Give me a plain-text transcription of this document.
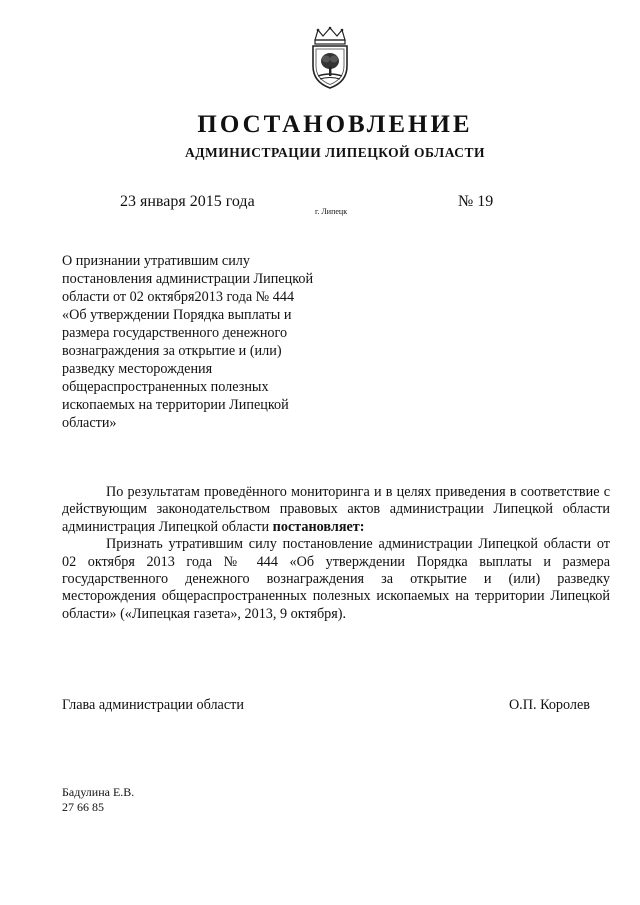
ПОСТАНОВЛЕНИЕ
АДМИНИСТРАЦИИ ЛИПЕЦКОЙ ОБЛАСТИ
23 января 2015 года
г. Липецк
№ 19
О признании утратившим силу
постановления администрации Липецкой
области от 02 октября2013 года № 444
«Об утверждении Порядка выплаты и
размера государственного денежного
вознаграждения за открытие и (или)
разведку месторождения
общераспространенных полезных
ископаемых на территории Липецкой
области»

По результатам проведённого мониторинга и в целях приведения в соответствие с действующим законодательством правовых актов администрации Липецкой области администрация Липецкой области постановляет:

Признать утратившим силу постановление администрации Липецкой области от 02 октября 2013 года № 444 «Об утверждении Порядка выплаты и размера государственного денежного вознаграждения за открытие и (или) разведку месторождения общераспространенных полезных ископаемых на территории Липецкой области» («Липецкая газета», 2013, 9 октября).

Глава администрации области	О.П. Королев
Бадулина Е.В.
27 66 85
